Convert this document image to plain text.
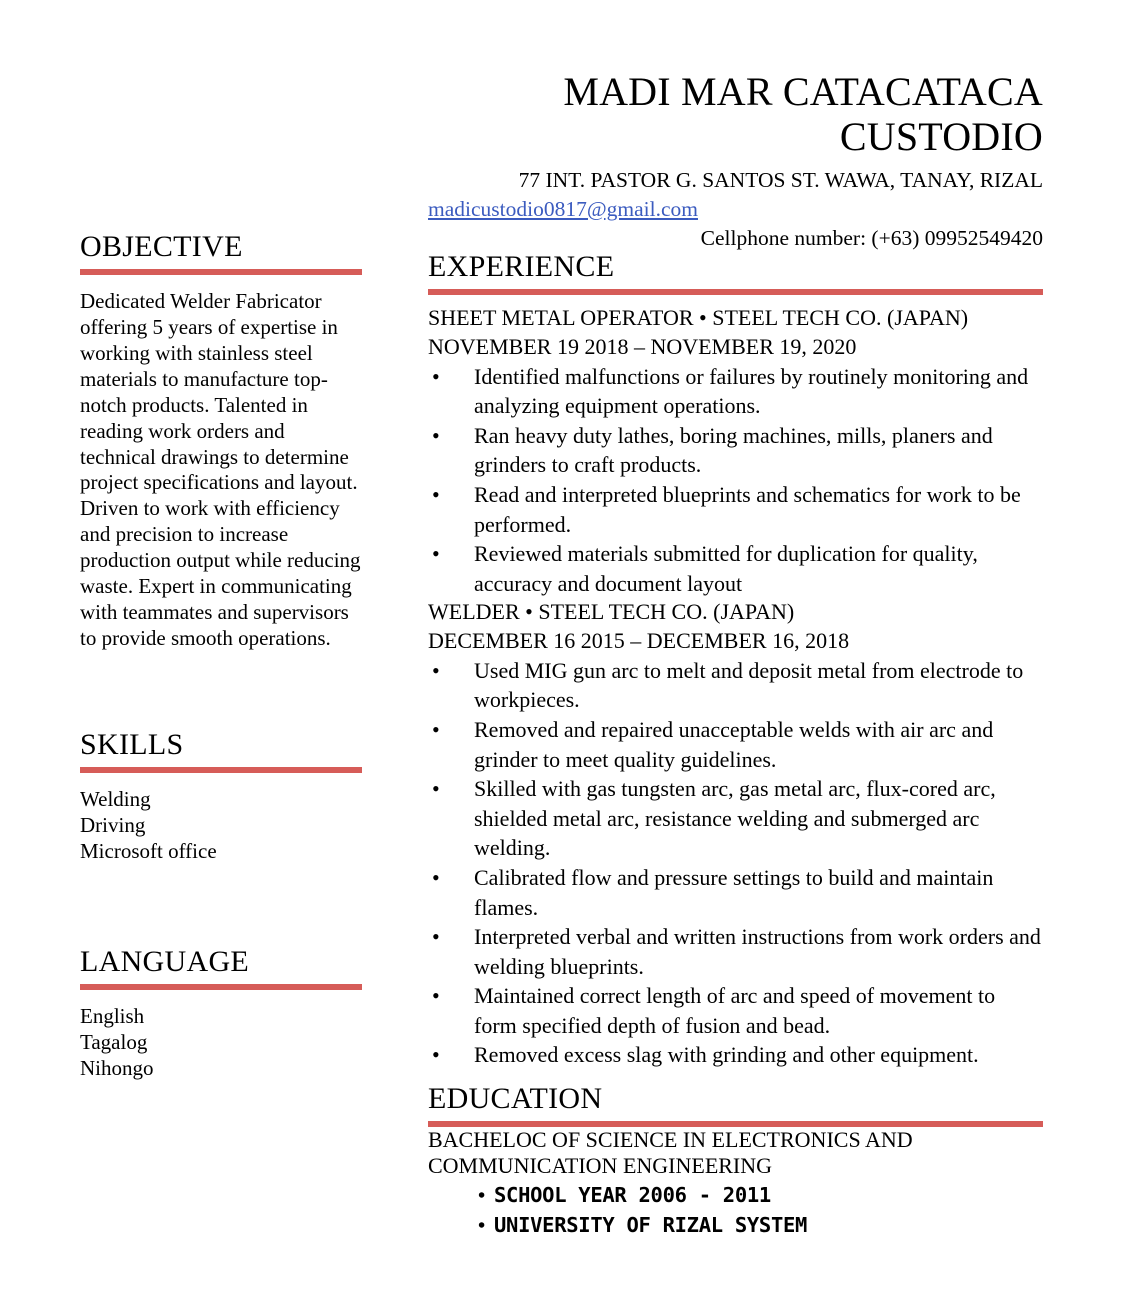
MADI MAR CATACATACA
CUSTODIO
77 INT. PASTOR G. SANTOS ST. WAWA, TANAY, RIZAL
madicustodio0817@gmail.com
Cellphone number: (+63) 09952549420
OBJECTIVE
Dedicated Welder Fabricator offering 5 years of expertise in working with stainless steel materials to manufacture top-notch products. Talented in reading work orders and technical drawings to determine project specifications and layout. Driven to work with efficiency and precision to increase production output while reducing waste. Expert in communicating with teammates and supervisors to provide smooth operations.
SKILLS
Welding
Driving
Microsoft office
LANGUAGE
English
Tagalog
Nihongo
EXPERIENCE
SHEET METAL OPERATOR • STEEL TECH CO. (JAPAN)
NOVEMBER 19 2018 – NOVEMBER 19, 2020
• Identified malfunctions or failures by routinely monitoring and analyzing equipment operations.
• Ran heavy duty lathes, boring machines, mills, planers and grinders to craft products.
• Read and interpreted blueprints and schematics for work to be performed.
• Reviewed materials submitted for duplication for quality, accuracy and document layout
WELDER • STEEL TECH CO. (JAPAN)
DECEMBER 16 2015 – DECEMBER 16, 2018
• Used MIG gun arc to melt and deposit metal from electrode to workpieces.
• Removed and repaired unacceptable welds with air arc and grinder to meet quality guidelines.
• Skilled with gas tungsten arc, gas metal arc, flux-cored arc, shielded metal arc, resistance welding and submerged arc welding.
• Calibrated flow and pressure settings to build and maintain flames.
• Interpreted verbal and written instructions from work orders and welding blueprints.
• Maintained correct length of arc and speed of movement to form specified depth of fusion and bead.
• Removed excess slag with grinding and other equipment.
EDUCATION
BACHELOC OF SCIENCE IN ELECTRONICS AND
COMMUNICATION ENGINEERING
• SCHOOL YEAR 2006 - 2011
• UNIVERSITY OF RIZAL SYSTEM
